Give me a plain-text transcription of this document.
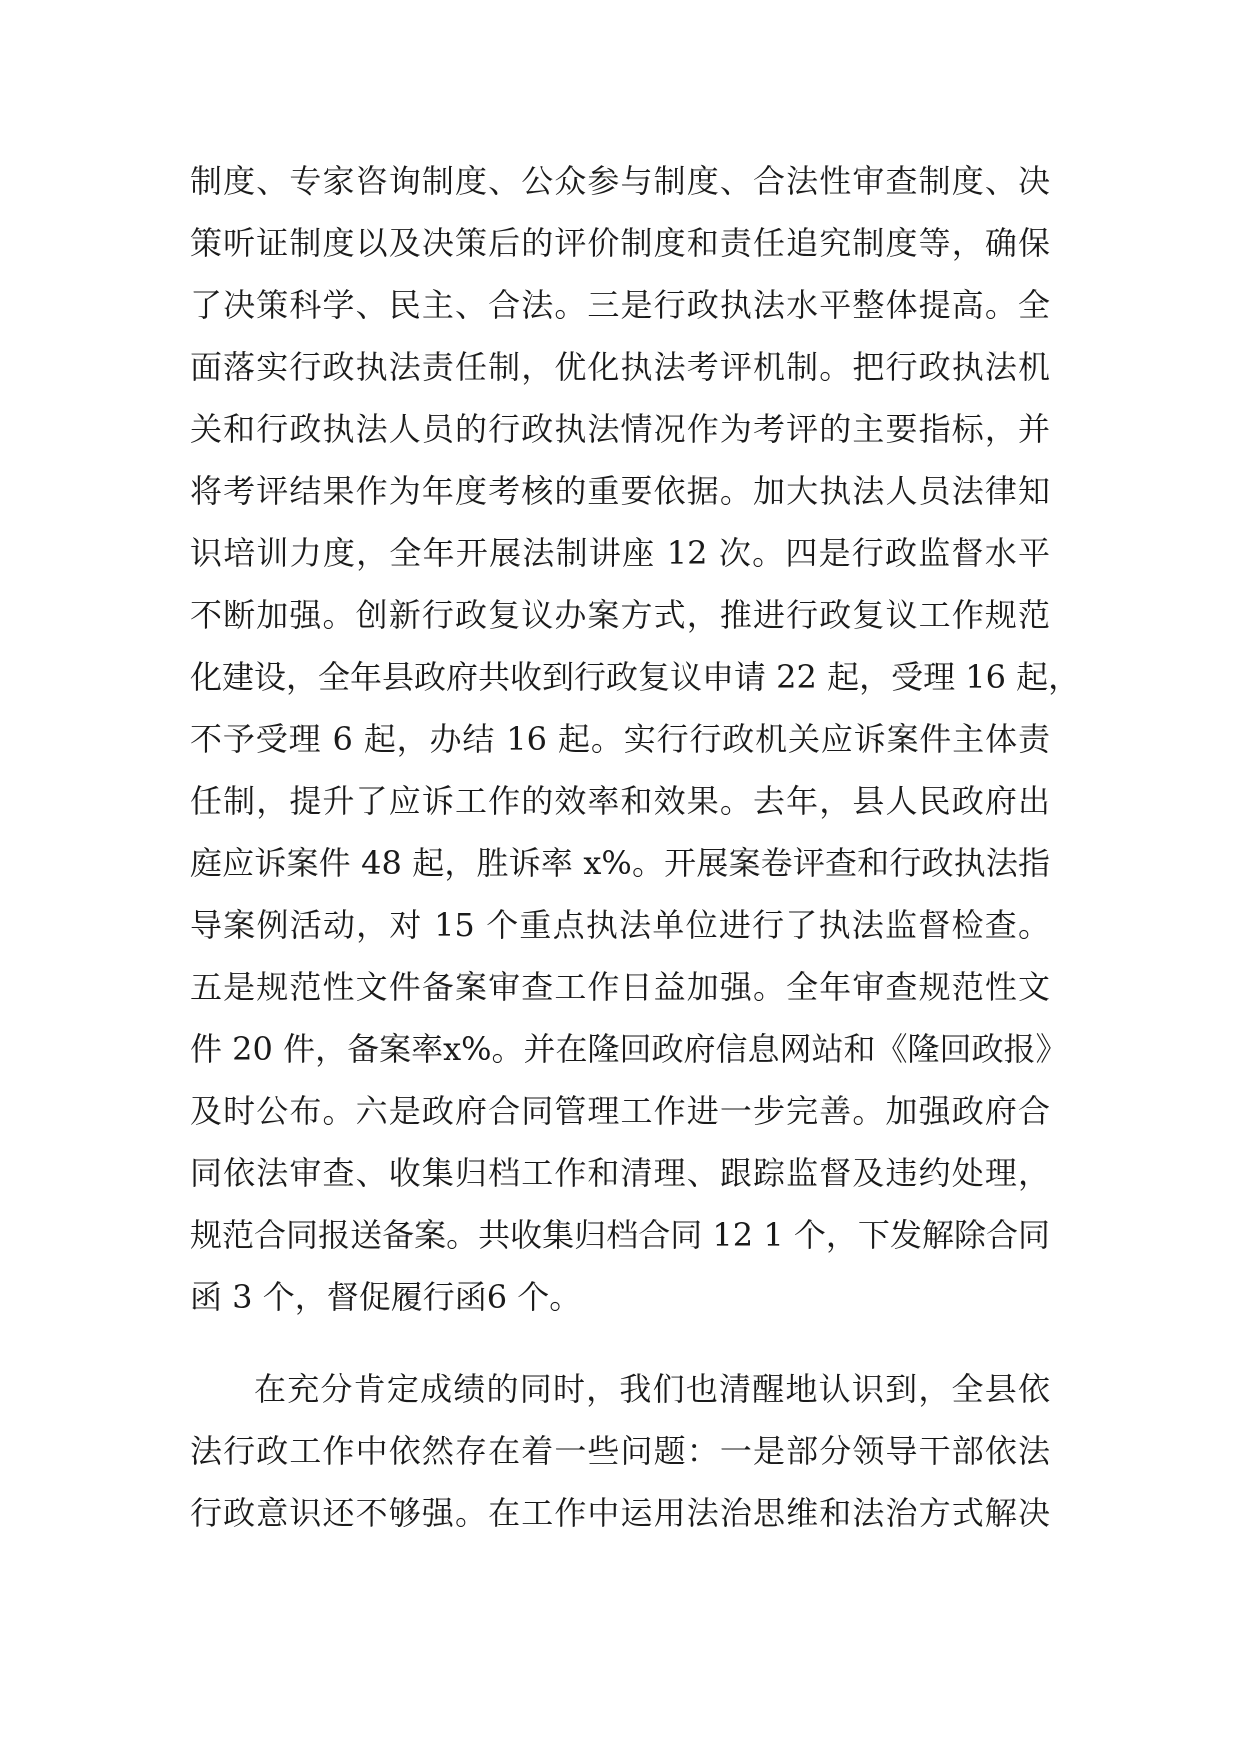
制度、专家咨询制度、公众参与制度、合法性审查制度、决
策听证制度以及决策后的评价制度和责任追究制度等，确保
了决策科学、民主、合法。三是行政执法水平整体提高。全
面落实行政执法责任制，优化执法考评机制。把行政执法机
关和行政执法人员的行政执法情况作为考评的主要指标，并
将考评结果作为年度考核的重要依据。加大执法人员法律知
识培训力度，全年开展法制讲座 12 次。四是行政监督水平
不断加强。创新行政复议办案方式，推进行政复议工作规范
化建设，全年县政府共收到行政复议申请 22 起，受理 16 起，
不予受理 6 起，办结 16 起。实行行政机关应诉案件主体责
任制，提升了应诉工作的效率和效果。去年，县人民政府出
庭应诉案件 48 起，胜诉率 x%。开展案卷评查和行政执法指
导案例活动，对 15 个重点执法单位进行了执法监督检查。
五是规范性文件备案审查工作日益加强。全年审查规范性文
件 20 件，备案率x%。并在隆回政府信息网站和《隆回政报》
及时公布。六是政府合同管理工作进一步完善。加强政府合
同依法审查、收集归档工作和清理、跟踪监督及违约处理，
规范合同报送备案。共收集归档合同 12 1 个，下发解除合同
函 3 个，督促履行函6 个。
在充分肯定成绩的同时，我们也清醒地认识到，全县依
法行政工作中依然存在着一些问题：一是部分领导干部依法
行政意识还不够强。在工作中运用法治思维和法治方式解决
